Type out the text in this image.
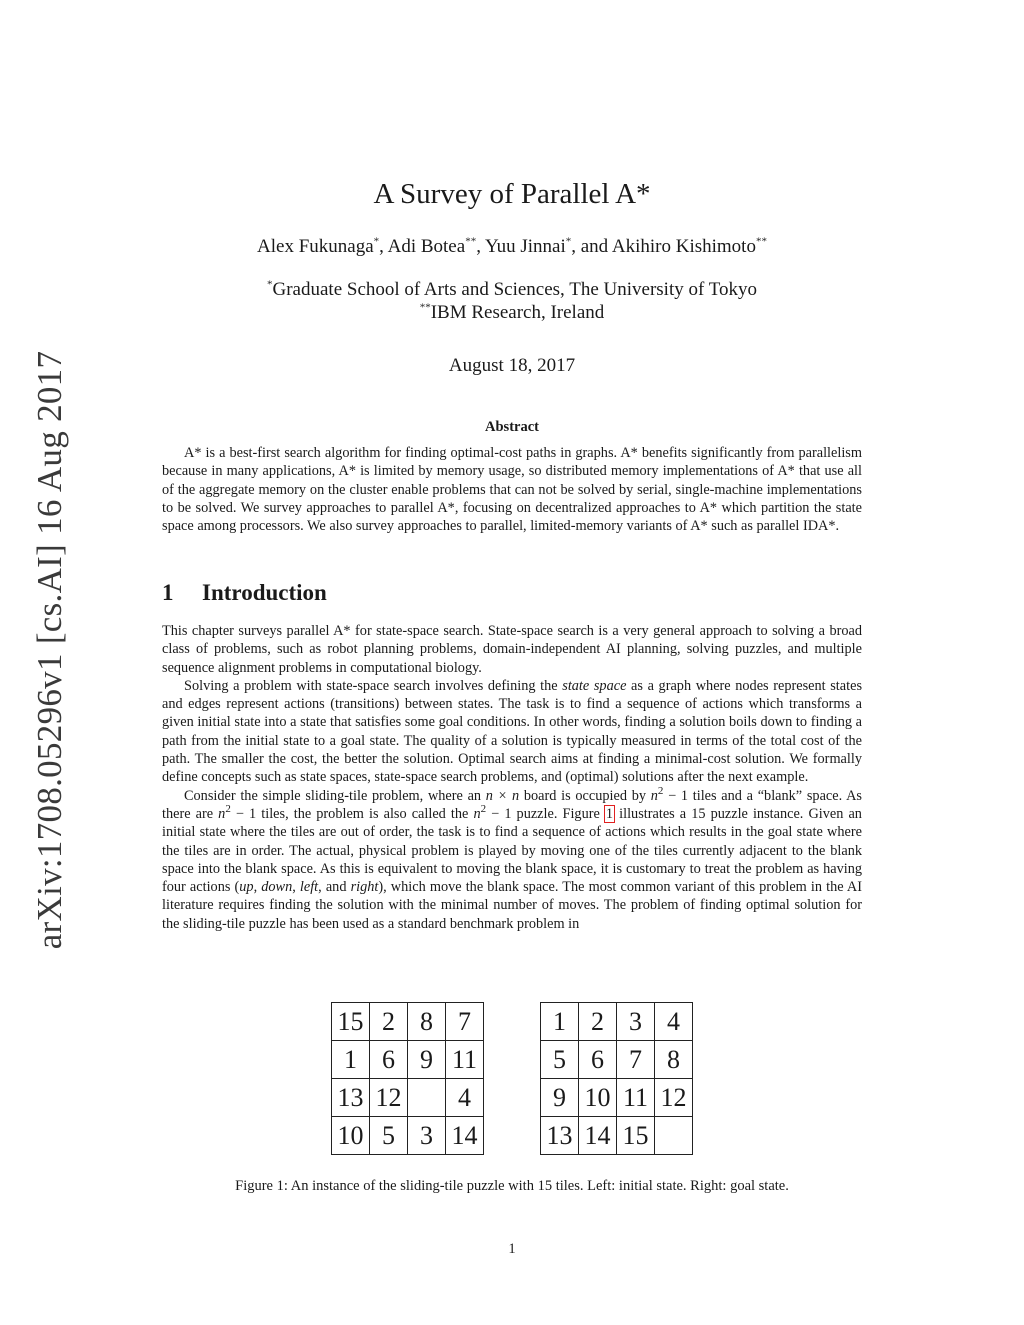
arXiv:1708.05296v1 [cs.AI] 16 Aug 2017
A Survey of Parallel A*
Alex Fukunaga*, Adi Botea**, Yuu Jinnai*, and Akihiro Kishimoto**
*Graduate School of Arts and Sciences, The University of Tokyo
**IBM Research, Ireland
August 18, 2017
Abstract

A* is a best-first search algorithm for finding optimal-cost paths in graphs. A* benefits significantly from parallelism because in many applications, A* is limited by memory usage, so distributed memory implementations of A* that use all of the aggregate memory on the cluster enable problems that can not be solved by serial, single-machine implementations to be solved. We survey approaches to parallel A*, focusing on decentralized approaches to A* which partition the state space among processors. We also survey approaches to parallel, limited-memory variants of A* such as parallel IDA*.

1 Introduction

This chapter surveys parallel A* for state-space search. State-space search is a very general approach to solving a broad class of problems, such as robot planning problems, domain-independent AI planning, solving puzzles, and multiple sequence alignment problems in computational biology.

Solving a problem with state-space search involves defining the state space as a graph where nodes represent states and edges represent actions (transitions) between states. The task is to find a sequence of actions which transforms a given initial state into a state that satisfies some goal conditions. In other words, finding a solution boils down to finding a path from the initial state to a goal state. The quality of a solution is typically measured in terms of the total cost of the path. The smaller the cost, the better the solution. Optimal search aims at finding a minimal-cost solution. We formally define concepts such as state spaces, state-space search problems, and (optimal) solutions after the next example.

Consider the simple sliding-tile problem, where an n × n board is occupied by $n^2 - 1$ tiles and a “blank” space. As there are $n^2 - 1$ tiles, the problem is also called the $n^2 - 1$ puzzle. Figure 1 illustrates a 15 puzzle instance. Given an initial state where the tiles are out of order, the task is to find a sequence of actions which results in the goal state where the tiles are in order. The actual, physical problem is played by moving one of the tiles currently adjacent to the blank space into the blank space. As this is equivalent to moving the blank space, it is customary to treat the problem as having four actions (up, down, left, and right), which move the blank space. The most common variant of this problem in the AI literature requires finding the solution with the minimal number of moves. The problem of finding optimal solution for the sliding-tile puzzle has been used as a standard benchmark problem in

15	2	8	7
1	6	9	11
13	12		4
10	5	3	14
1	2	3	4
5	6	7	8
9	10	11	12
13	14	15	
Figure 1: An instance of the sliding-tile puzzle with 15 tiles. Left: initial state. Right: goal state.
1
